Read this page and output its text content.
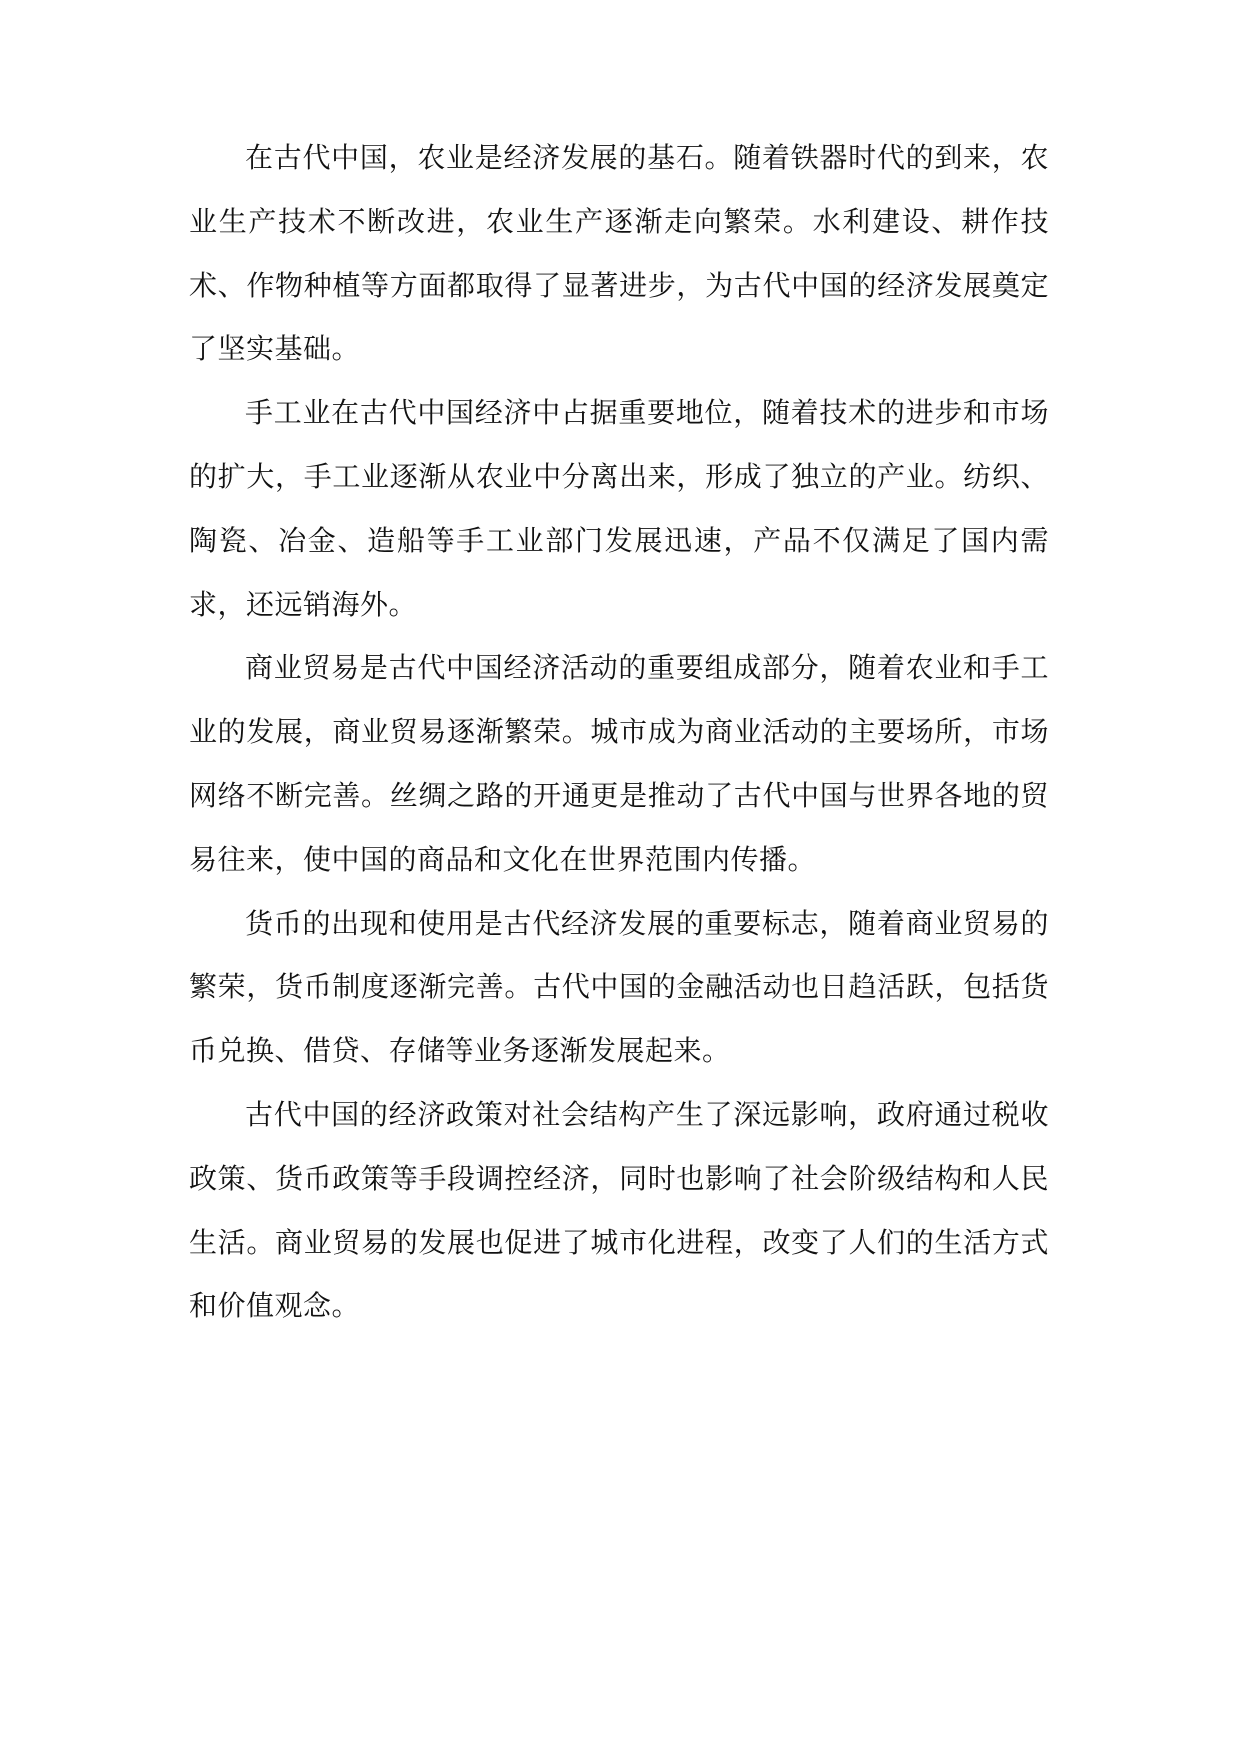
在古代中国，农业是经济发展的基石。随着铁器时代的到来，农业生产技术不断改进，农业生产逐渐走向繁荣。水利建设、耕作技术、作物种植等方面都取得了显著进步，为古代中国的经济发展奠定了坚实基础。

手工业在古代中国经济中占据重要地位，随着技术的进步和市场的扩大，手工业逐渐从农业中分离出来，形成了独立的产业。纺织、陶瓷、冶金、造船等手工业部门发展迅速，产品不仅满足了国内需求，还远销海外。

商业贸易是古代中国经济活动的重要组成部分，随着农业和手工业的发展，商业贸易逐渐繁荣。城市成为商业活动的主要场所，市场网络不断完善。丝绸之路的开通更是推动了古代中国与世界各地的贸易往来，使中国的商品和文化在世界范围内传播。

货币的出现和使用是古代经济发展的重要标志，随着商业贸易的繁荣，货币制度逐渐完善。古代中国的金融活动也日趋活跃，包括货币兑换、借贷、存储等业务逐渐发展起来。

古代中国的经济政策对社会结构产生了深远影响，政府通过税收政策、货币政策等手段调控经济，同时也影响了社会阶级结构和人民生活。商业贸易的发展也促进了城市化进程，改变了人们的生活方式和价值观念。
